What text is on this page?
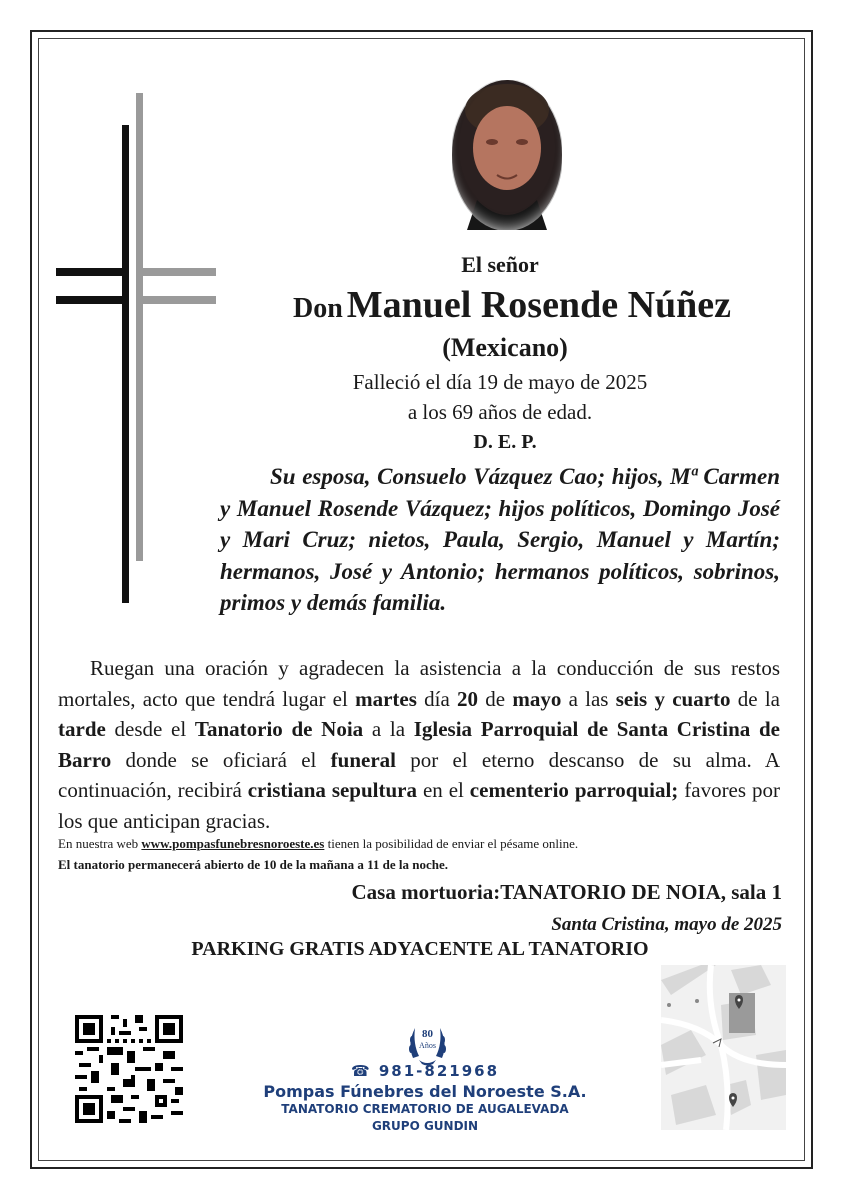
El señor
Don Manuel Rosende Núñez
(Mexicano)
Falleció el día 19 de mayo de 2025
a los 69 años de edad.
D. E. P.
Su esposa, Consuelo Vázquez Cao; hijos, Mª Carmen y Manuel Rosende Vázquez; hijos políticos, Domingo José y Mari Cruz; nietos, Paula, Sergio, Manuel y Martín; hermanos, José y Antonio; hermanos políticos, sobrinos, primos y demás familia.
Ruegan una oración y agradecen la asistencia a la conducción de sus restos mortales, acto que tendrá lugar el martes día 20 de mayo a las seis y cuarto de la tarde desde el Tanatorio de Noia a la Iglesia Parroquial de Santa Cristina de Barro donde se oficiará el funeral por el eterno descanso de su alma. A continuación, recibirá cristiana sepultura en el cementerio parroquial; favores por los que anticipan gracias.
En nuestra web www.pompasfunebresnoroeste.es tienen la posibilidad de enviar el pésame online.
El tanatorio permanecerá abierto de 10 de la mañana a 11 de la noche.
Casa mortuoria:TANATORIO DE NOIA, sala 1
Santa Cristina, mayo de 2025
PARKING GRATIS ADYACENTE AL TANATORIO
80
Años
☎ 981-821968
Pompas Fúnebres del Noroeste S.A.
TANATORIO CREMATORIO DE AUGALEVADA
GRUPO GUNDIN
